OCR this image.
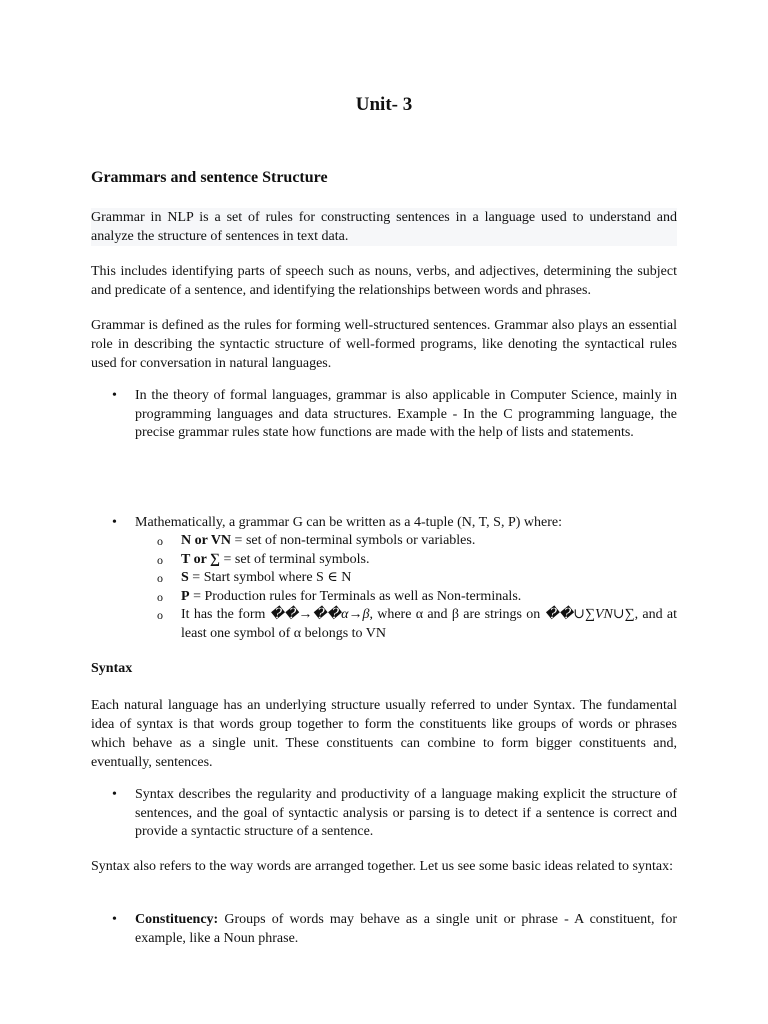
Unit- 3
Grammars and sentence Structure

Grammar in NLP is a set of rules for constructing sentences in a language used to understand and analyze the structure of sentences in text data.

This includes identifying parts of speech such as nouns, verbs, and adjectives, determining the subject and predicate of a sentence, and identifying the relationships between words and phrases.

Grammar is defined as the rules for forming well-structured sentences. Grammar also plays an essential role in describing the syntactic structure of well-formed programs, like denoting the syntactical rules used for conversation in natural languages.

•	In the theory of formal languages, grammar is also applicable in Computer Science, mainly in programming languages and data structures. Example - In the C programming language, the precise grammar rules state how functions are made with the help of lists and statements.
•	Mathematically, a grammar G can be written as a 4-tuple (N, T, S, P) where:
o N or VN = set of non-terminal symbols or variables.
o T or ∑ = set of terminal symbols.
o S = Start symbol where S ∈ N
o P = Production rules for Terminals as well as Non-terminals.
o It has the form ��→��α→β, where α and β are strings on ��∪∑VN∪∑, and at least one symbol of α belongs to VN
Syntax

Each natural language has an underlying structure usually referred to under Syntax. The fundamental idea of syntax is that words group together to form the constituents like groups of words or phrases which behave as a single unit. These constituents can combine to form bigger constituents and, eventually, sentences.

•	Syntax describes the regularity and productivity of a language making explicit the structure of sentences, and the goal of syntactic analysis or parsing is to detect if a sentence is correct and provide a syntactic structure of a sentence.

Syntax also refers to the way words are arranged together. Let us see some basic ideas related to syntax:

•	Constituency: Groups of words may behave as a single unit or phrase - A constituent, for example, like a Noun phrase.
